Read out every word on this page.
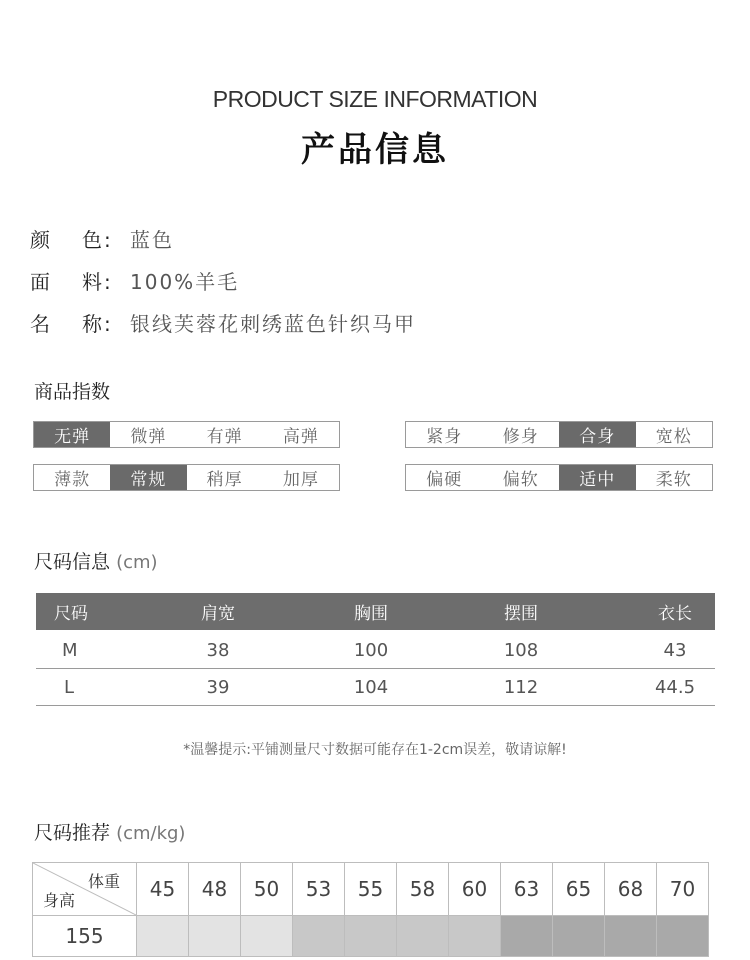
PRODUCT SIZE INFORMATION
产品信息
颜 色: 蓝色
面 料: 100%羊毛
名 称: 银线芙蓉花刺绣蓝色针织马甲
商品指数
无弹	微弹	有弹	高弹
薄款	常规	稍厚	加厚
紧身	修身	合身	宽松
偏硬	偏软	适中	柔软
尺码信息 (cm)
尺码	肩宽	胸围	摆围	衣长
M	38	100	108	43
L	39	104	112	44.5
*温馨提示:平铺测量尺寸数据可能存在1-2cm误差，敬请谅解!
尺码推荐 (cm/kg)
体重
身高	45	48	50	53	55	58	60	63	65	68	70
155											
